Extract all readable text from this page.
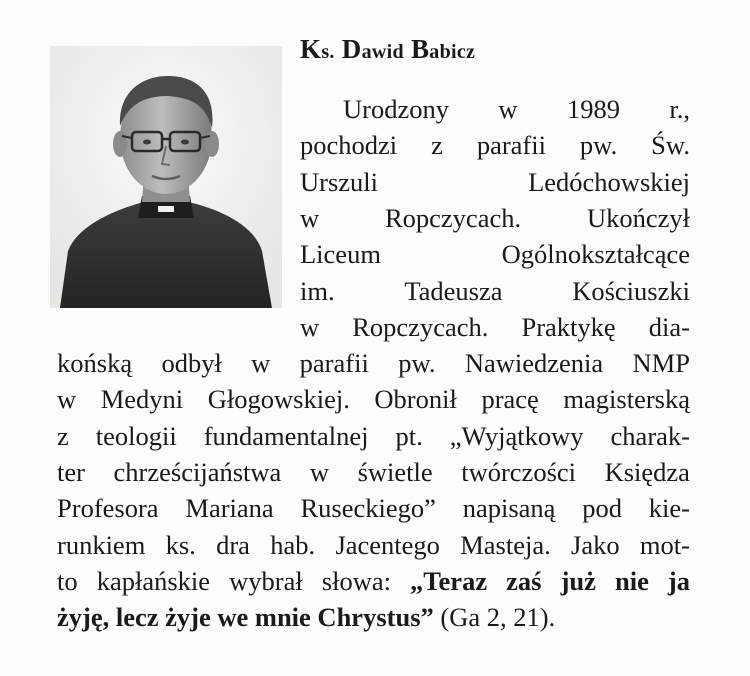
Ks. Dawid Babicz
to kapłańskie wybrał słowa: „Teraz zaś już nie ja
runkiem ks. dra hab. Jacentego Masteja. Jako mot-
Profesora Mariana Ruseckiego” napisaną pod kie-
ter chrześcijaństwa w świetle twórczości Księdza
z teologii fundamentalnej pt. „Wyjątkowy charak-
w Medyni Głogowskiej. Obronił pracę magisterską
końską odbył w parafii pw. Nawiedzenia NMP
w Ropczycach. Praktykę dia-
im.	Tadeusza	Kościuszki
Liceum	Ogólnokształcące
w Ropczycach. Ukończył
Urszuli	Ledóchowskiej
pochodzi z parafii pw. Św.
Urodzony w 1989 r.,
żyję, lecz żyje we mnie Chrystus” (Ga 2, 21).
